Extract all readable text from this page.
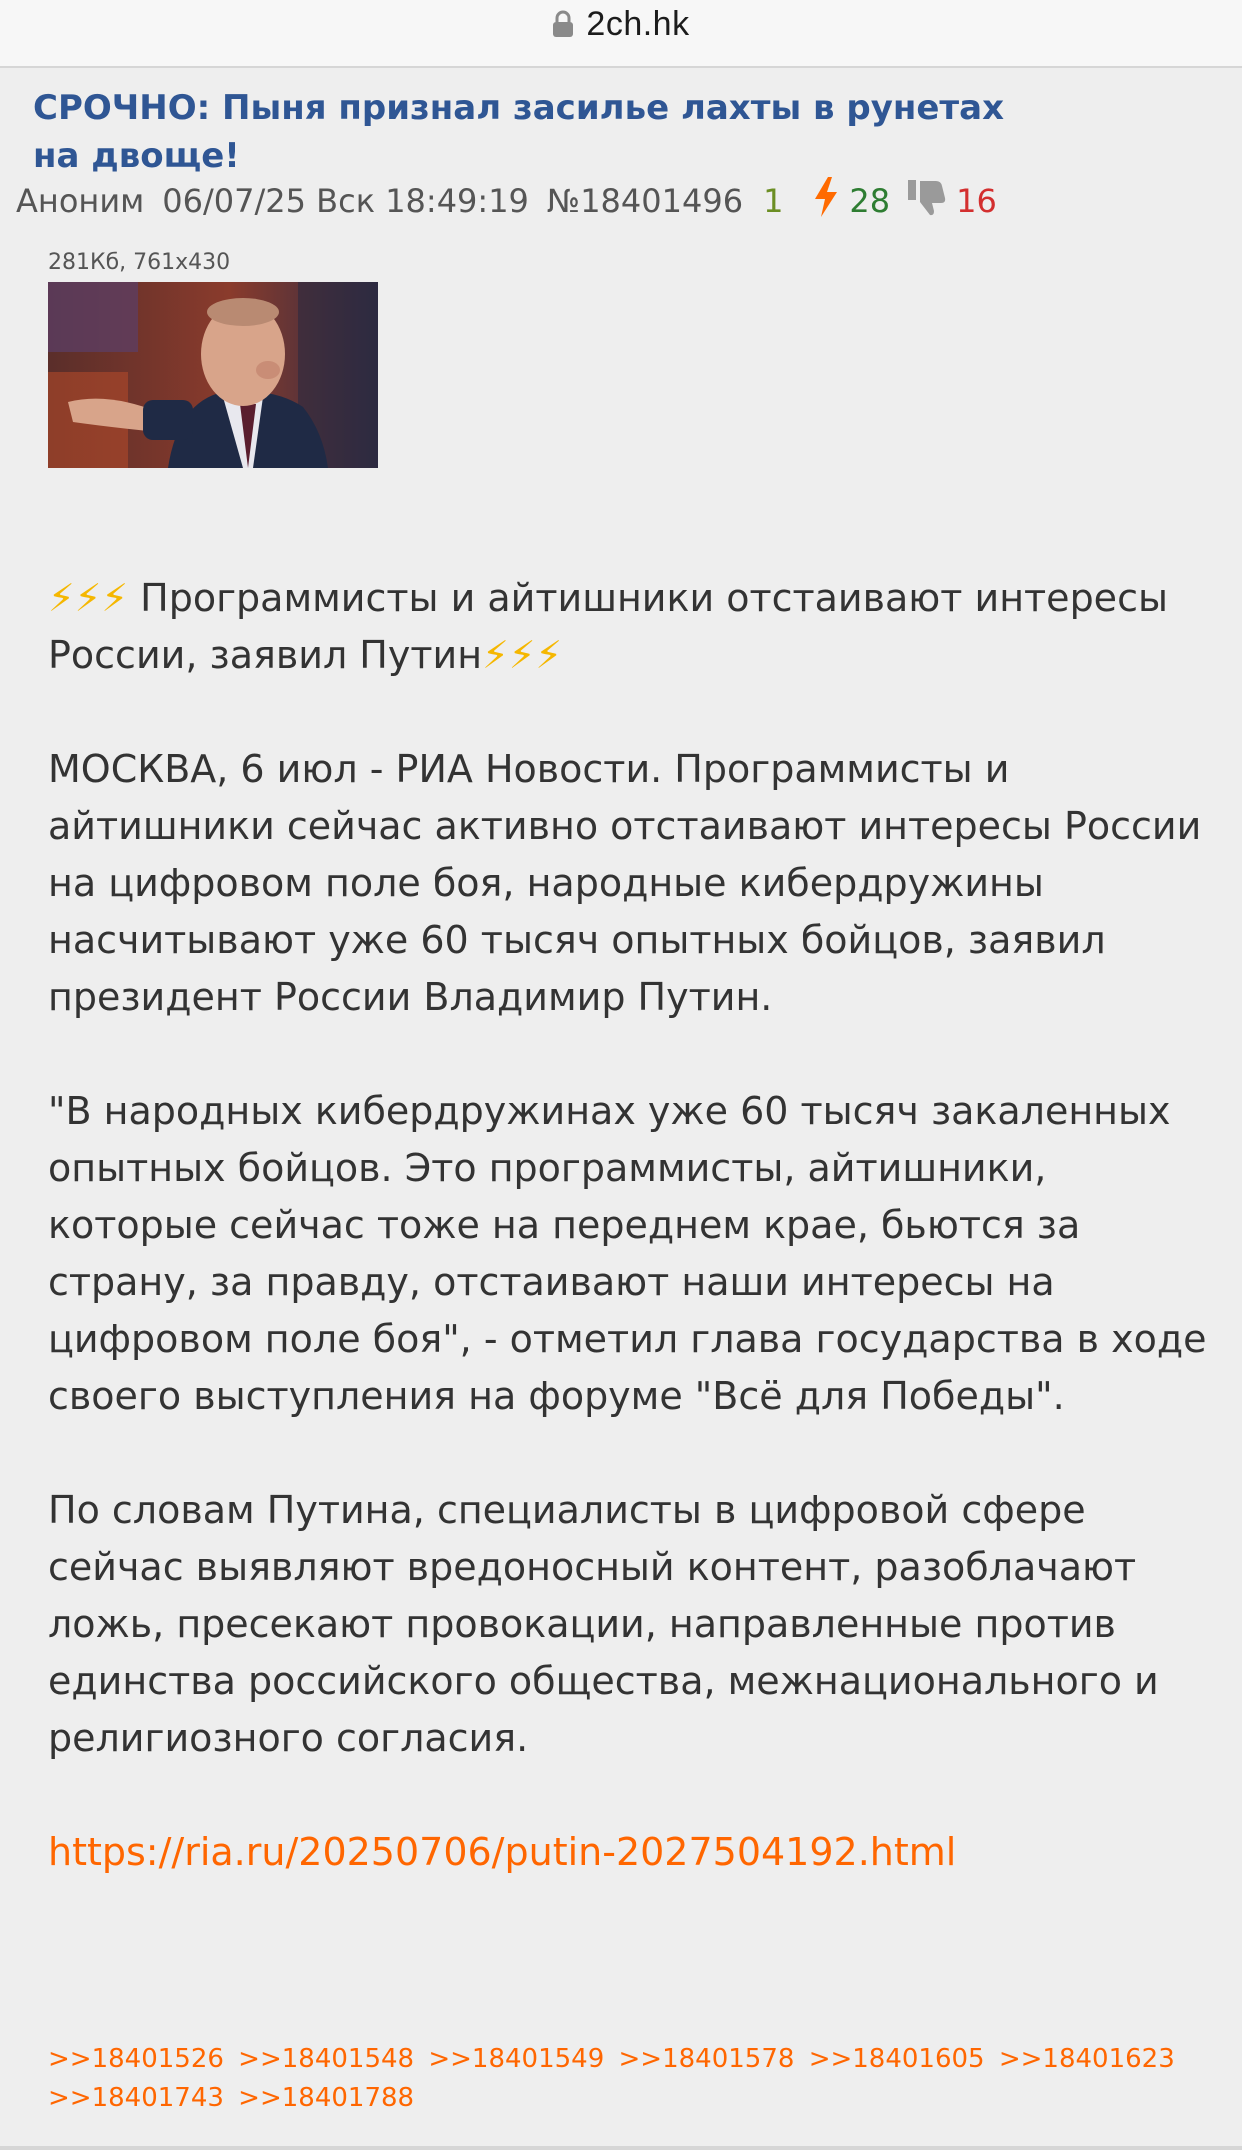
2ch.hk
СРОЧНО: Пыня признал засилье лахты в рунетах на двоще!
Аноним 06/07/25 Вск 18:49:19 №18401496 1 28 16
281Кб, 761x430

⚡⚡⚡ Программисты и айтишники отстаивают интересы России, заявил Путин⚡⚡⚡

МОСКВА, 6 июл - РИА Новости. Программисты и айтишники сейчас активно отстаивают интересы России на цифровом поле боя, народные кибердружины насчитывают уже 60 тысяч опытных бойцов, заявил президент России Владимир Путин.

"В народных кибердружинах уже 60 тысяч закаленных опытных бойцов. Это программисты, айтишники, которые сейчас тоже на переднем крае, бьются за страну, за правду, отстаивают наши интересы на цифровом поле боя", - отметил глава государства в ходе своего выступления на форуме "Всё для Победы".

По словам Путина, специалисты в цифровой сфере сейчас выявляют вредоносный контент, разоблачают ложь, пресекают провокации, направленные против единства российского общества, межнационального и религиозного согласия.

https://ria.ru/20250706/putin-2027504192.html

>>18401526 >>18401548 >>18401549 >>18401578 >>18401605 >>18401623 >>18401743 >>18401788
